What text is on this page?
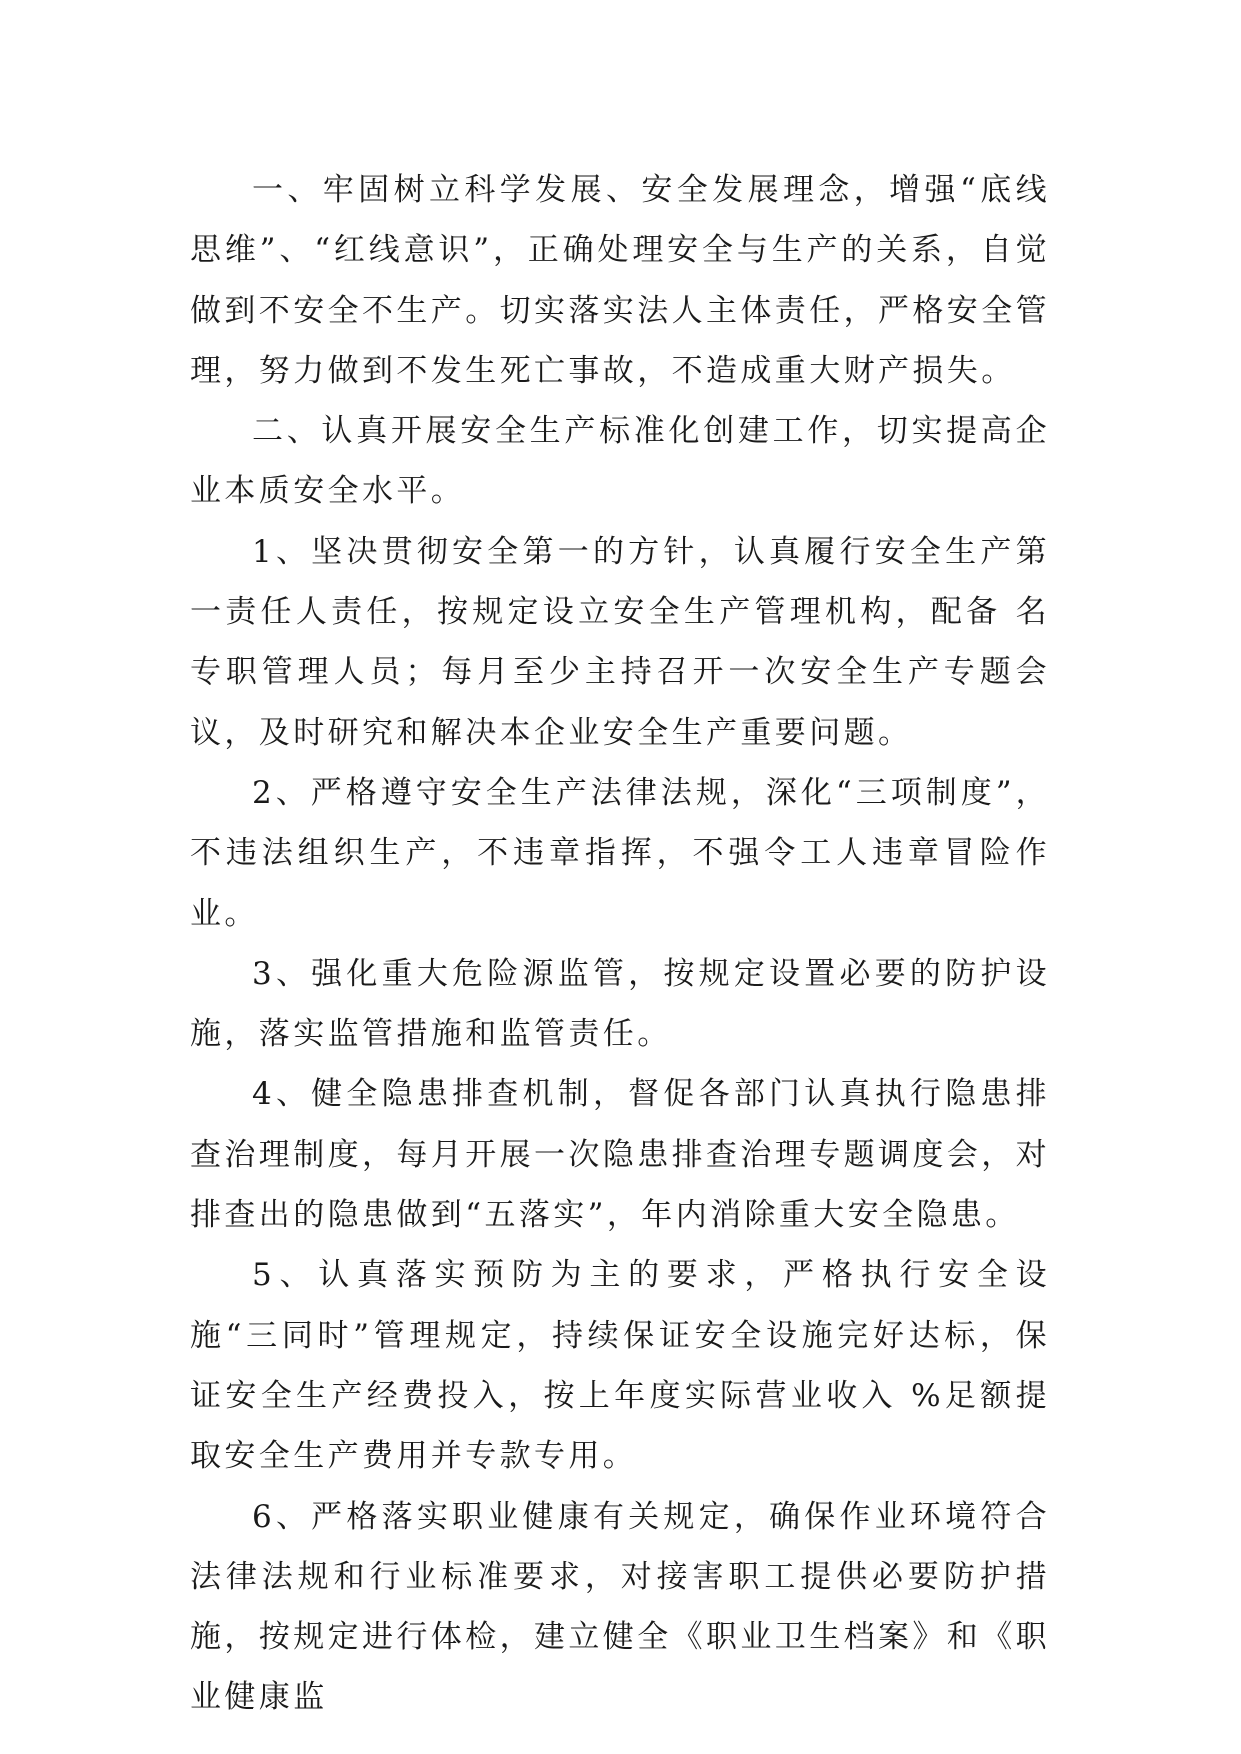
一、牢固树立科学发展、安全发展理念，增强“底线思维”、“红线意识”，正确处理安全与生产的关系，自觉做到不安全不生产。切实落实法人主体责任，严格安全管理，努力做到不发生死亡事故，不造成重大财产损失。

二、认真开展安全生产标准化创建工作，切实提高企业本质安全水平。

1、坚决贯彻安全第一的方针，认真履行安全生产第一责任人责任，按规定设立安全生产管理机构，配备 名专职管理人员；每月至少主持召开一次安全生产专题会议，及时研究和解决本企业安全生产重要问题。

2、严格遵守安全生产法律法规，深化“三项制度”，不违法组织生产，不违章指挥，不强令工人违章冒险作业。

3、强化重大危险源监管，按规定设置必要的防护设施，落实监管措施和监管责任。

4、健全隐患排查机制，督促各部门认真执行隐患排查治理制度，每月开展一次隐患排查治理专题调度会，对排查出的隐患做到“五落实”，年内消除重大安全隐患。

5、认真落实预防为主的要求，严格执行安全设施“三同时”管理规定，持续保证安全设施完好达标，保证安全生产经费投入，按上年度实际营业收入 %足额提取安全生产费用并专款专用。

6、严格落实职业健康有关规定，确保作业环境符合法律法规和行业标准要求，对接害职工提供必要防护措施，按规定进行体检，建立健全《职业卫生档案》和《职业健康监
